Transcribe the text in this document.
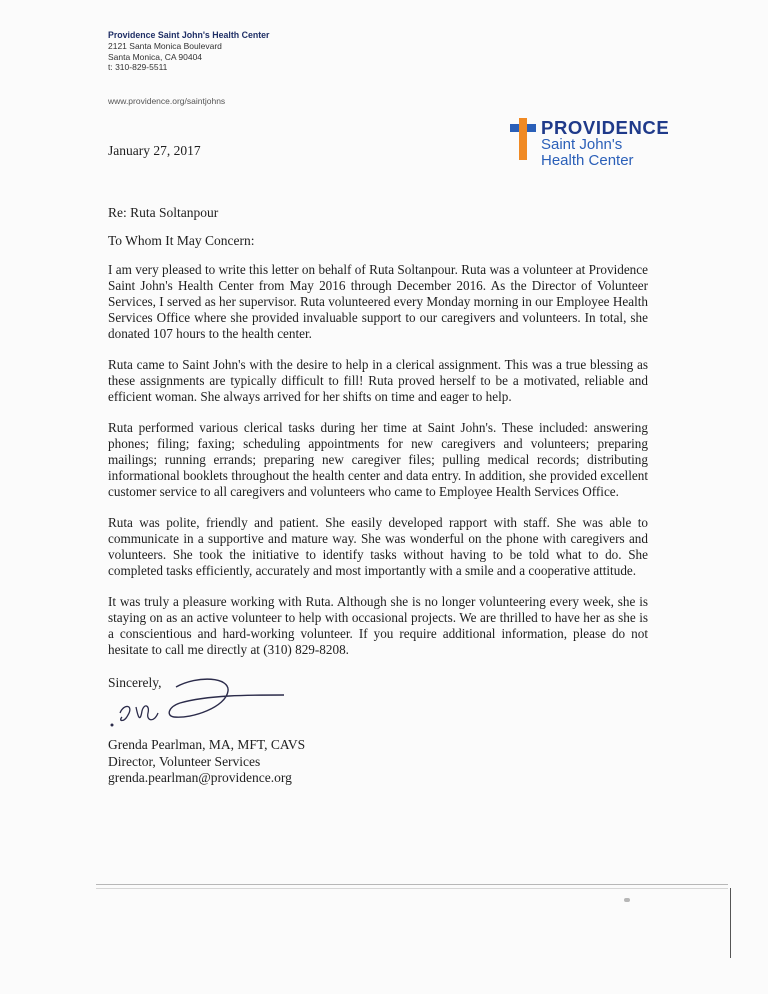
Providence Saint John's Health Center
2121 Santa Monica Boulevard
Santa Monica, CA 90404
t: 310-829-5511
www.providence.org/saintjohns
PROVIDENCE
Saint John's
Health Center
January 27, 2017
Re: Ruta Soltanpour
To Whom It May Concern:

I am very pleased to write this letter on behalf of Ruta Soltanpour. Ruta was a volunteer at Providence Saint John's Health Center from May 2016 through December 2016. As the Director of Volunteer Services, I served as her supervisor. Ruta volunteered every Monday morning in our Employee Health Services Office where she provided invaluable support to our caregivers and volunteers. In total, she donated 107 hours to the health center.

Ruta came to Saint John's with the desire to help in a clerical assignment. This was a true blessing as these assignments are typically difficult to fill! Ruta proved herself to be a motivated, reliable and efficient woman. She always arrived for her shifts on time and eager to help.

Ruta performed various clerical tasks during her time at Saint John's. These included: answering phones; filing; faxing; scheduling appointments for new caregivers and volunteers; preparing mailings; running errands; preparing new caregiver files; pulling medical records; distributing informational booklets throughout the health center and data entry. In addition, she provided excellent customer service to all caregivers and volunteers who came to Employee Health Services Office.

Ruta was polite, friendly and patient. She easily developed rapport with staff. She was able to communicate in a supportive and mature way. She was wonderful on the phone with caregivers and volunteers. She took the initiative to identify tasks without having to be told what to do. She completed tasks efficiently, accurately and most importantly with a smile and a cooperative attitude.

It was truly a pleasure working with Ruta. Although she is no longer volunteering every week, she is staying on as an active volunteer to help with occasional projects. We are thrilled to have her as she is a conscientious and hard-working volunteer. If you require additional information, please do not hesitate to call me directly at (310) 829-8208.

Sincerely,
Grenda Pearlman, MA, MFT, CAVS
Director, Volunteer Services
grenda.pearlman@providence.org
